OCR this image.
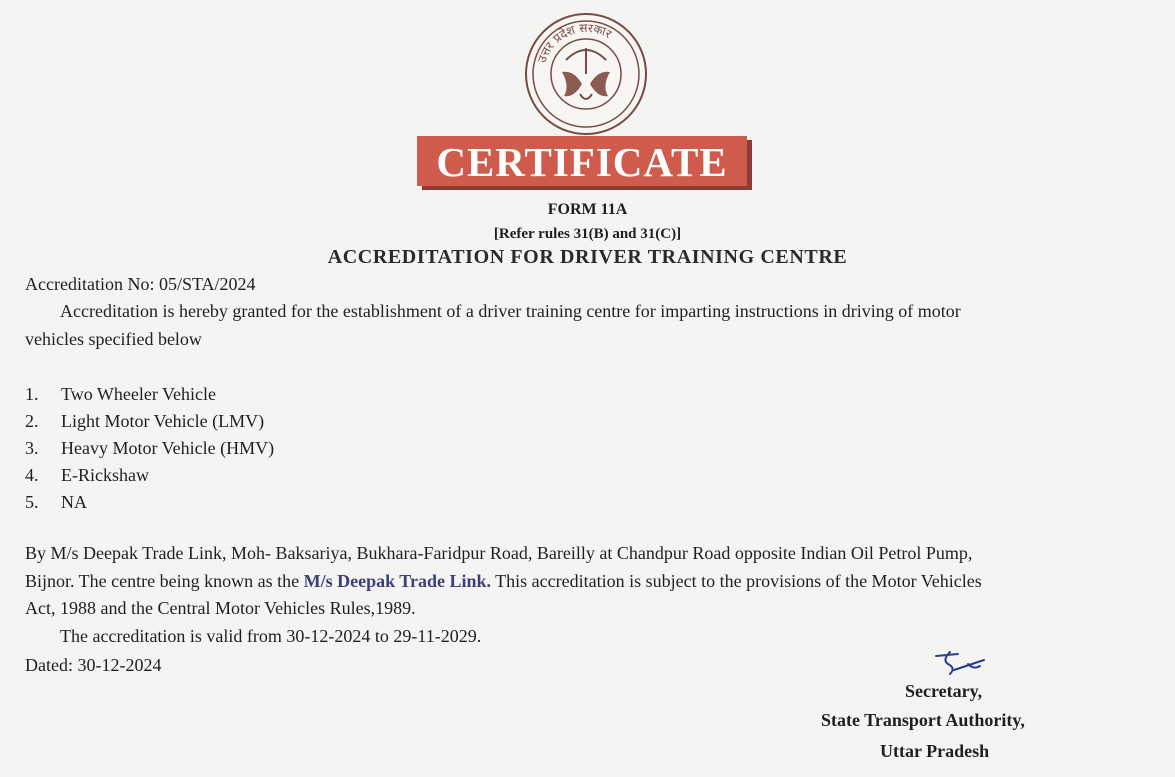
उत्तर प्रदेश सरकार
CERTIFICATE
FORM 11A
[Refer rules 31(B) and 31(C)]
ACCREDITATION FOR DRIVER TRAINING CENTRE
Accreditation No: 05/STA/2024
Accreditation is hereby granted for the establishment of a driver training centre for imparting instructions in driving of motor
vehicles specified below
1. Two Wheeler Vehicle
2. Light Motor Vehicle (LMV)
3. Heavy Motor Vehicle (HMV)
4. E-Rickshaw
5. NA
By M/s Deepak Trade Link, Moh- Baksariya, Bukhara-Faridpur Road, Bareilly at Chandpur Road opposite Indian Oil Petrol Pump,
Bijnor. The centre being known as the M/s Deepak Trade Link. This accreditation is subject to the provisions of the Motor Vehicles
Act, 1988 and the Central Motor Vehicles Rules,1989.
The accreditation is valid from 30-12-2024 to 29-11-2029.
Dated: 30-12-2024
Secretary,
State Transport Authority,
Uttar Pradesh
